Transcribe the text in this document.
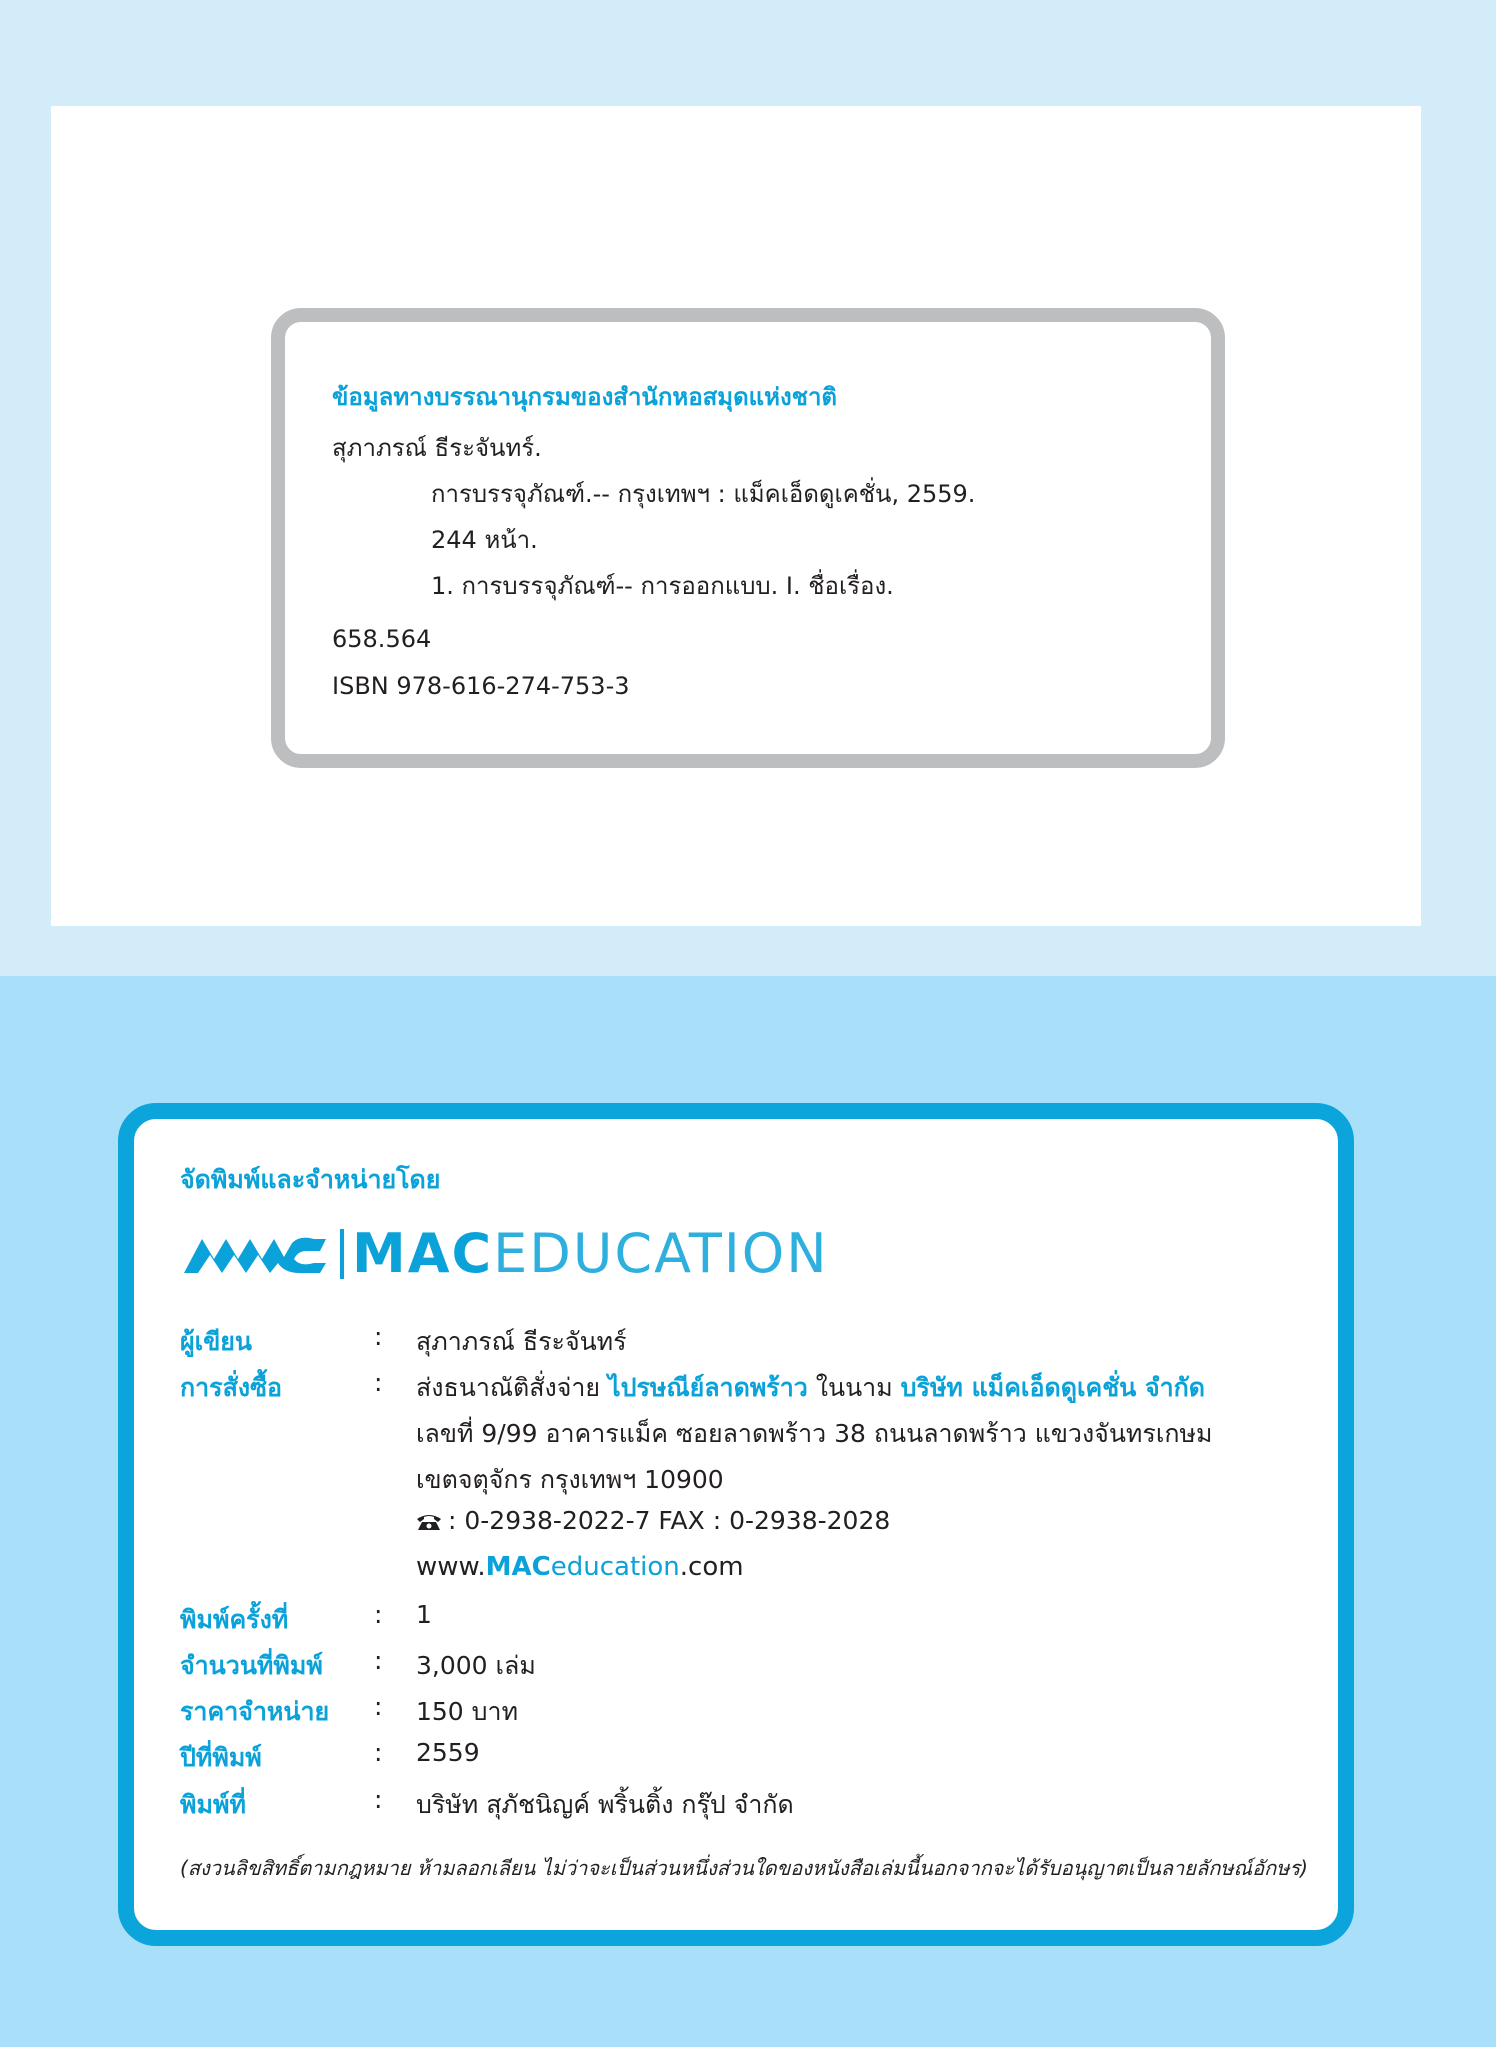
ข้อมูลทางบรรณานุกรมของสำนักหอสมุดแห่งชาติ
สุภาภรณ์ ธีระจันทร์.
การบรรจุภัณฑ์.-- กรุงเทพฯ : แม็คเอ็ดดูเคชั่น, 2559.
244 หน้า.
1. การบรรจุภัณฑ์-- การออกแบบ. I. ชื่อเรื่อง.
658.564
ISBN 978-616-274-753-3
จัดพิมพ์และจำหน่ายโดย
MACEDUCATION
ผู้เขียน	: สุภาภรณ์ ธีระจันทร์
การสั่งซื้อ	: ส่งธนาณัติสั่งจ่าย ไปรษณีย์ลาดพร้าว ในนาม บริษัท แม็คเอ็ดดูเคชั่น จำกัด
เลขที่ 9/99 อาคารแม็ค ซอยลาดพร้าว 38 ถนนลาดพร้าว แขวงจันทรเกษม
เขตจตุจักร กรุงเทพฯ 10900
: 0-2938-2022-7 FAX : 0-2938-2028
www.MACeducation.com
พิมพ์ครั้งที่	: 1
จำนวนที่พิมพ์ : 3,000 เล่ม
ราคาจำหน่าย : 150 บาท
ปีที่พิมพ์	: 2559
พิมพ์ที่	: บริษัท สุภัชนิญค์ พริ้นติ้ง กรุ๊ป จำกัด
(สงวนลิขสิทธิ์ตามกฎหมาย ห้ามลอกเลียน ไม่ว่าจะเป็นส่วนหนึ่งส่วนใดของหนังสือเล่มนี้นอกจากจะได้รับอนุญาตเป็นลายลักษณ์อักษร)
